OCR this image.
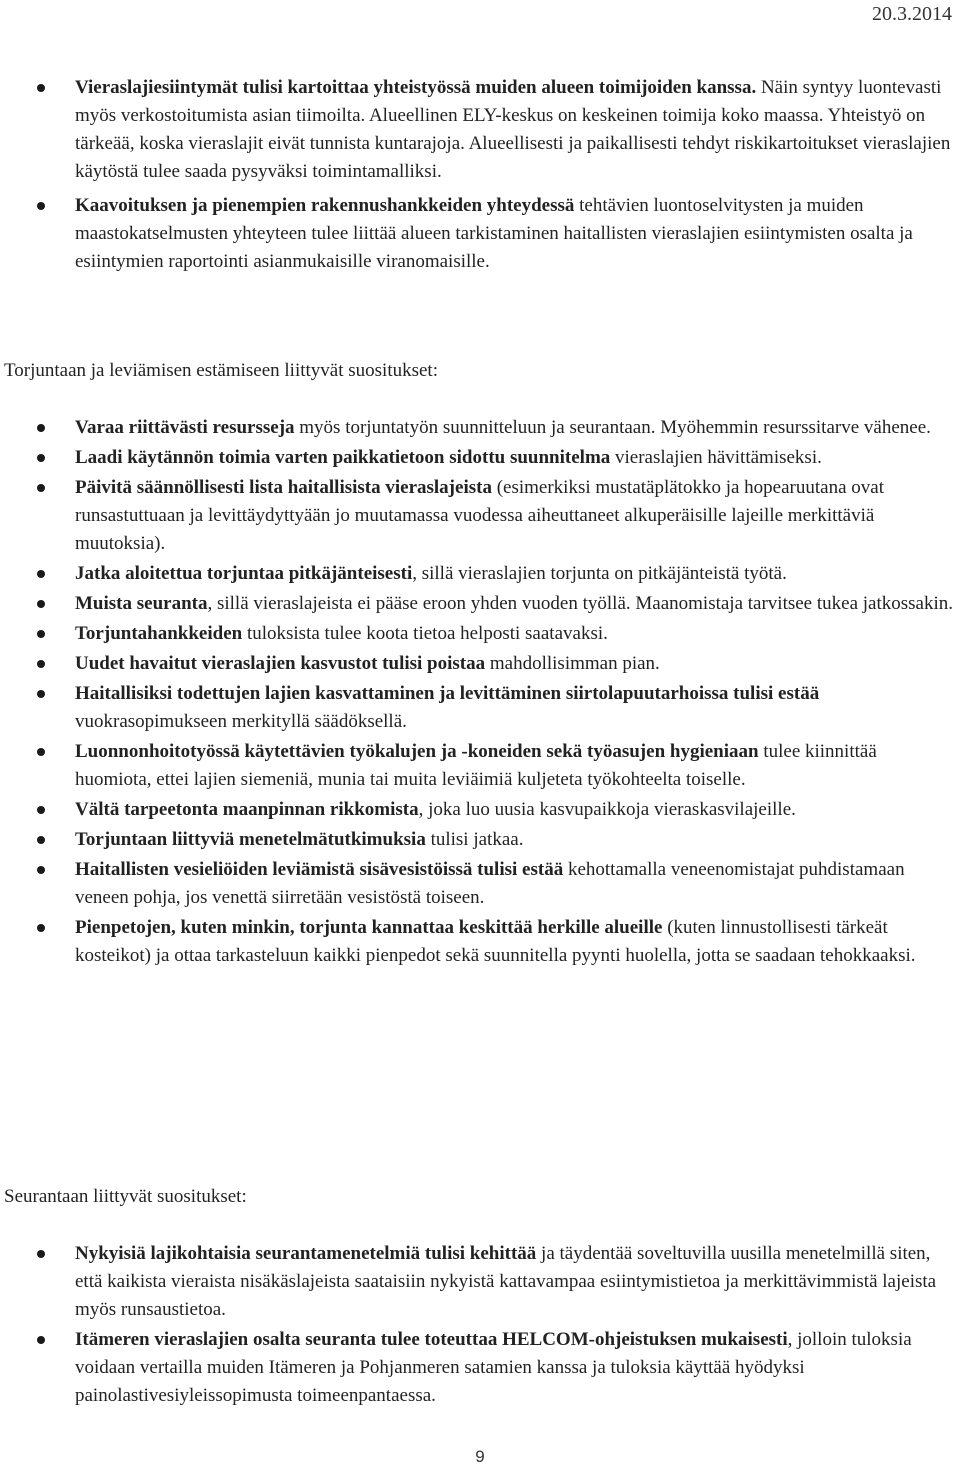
20.3.2014
Vieraslajiesiintymät tulisi kartoittaa yhteistyössä muiden alueen toimijoiden kanssa. Näin syntyy luontevasti myös verkostoitumista asian tiimoilta. Alueellinen ELY-keskus on keskeinen toimija koko maassa. Yhteistyö on tärkeää, koska vieraslajit eivät tunnista kuntarajoja. Alueellisesti ja paikallisesti tehdyt riskikartoitukset vieraslajien käytöstä tulee saada pysyväksi toimintamalliksi.
Kaavoituksen ja pienempien rakennushankkeiden yhteydessä tehtävien luontoselvitysten ja muiden maastokatselmusten yhteyteen tulee liittää alueen tarkistaminen haitallisten vieraslajien esiintymisten osalta ja esiintymien raportointi asianmukaisille viranomaisille.

Torjuntaan ja leviämisen estämiseen liittyvät suositukset:

Varaa riittävästi resursseja myös torjuntatyön suunnitteluun ja seurantaan. Myöhemmin resurssitarve vähenee.
Laadi käytännön toimia varten paikkatietoon sidottu suunnitelma vieraslajien hävittämiseksi.
Päivitä säännöllisesti lista haitallisista vieraslajeista (esimerkiksi mustatäplätokko ja hopearuutana ovat runsastuttuaan ja levittäydyttyään jo muutamassa vuodessa aiheuttaneet alkuperäisille lajeille merkittäviä muutoksia).
Jatka aloitettua torjuntaa pitkäjänteisesti, sillä vieraslajien torjunta on pitkäjänteistä työtä.
Muista seuranta, sillä vieraslajeista ei pääse eroon yhden vuoden työllä. Maanomistaja tarvitsee tukea jatkossakin.
Torjuntahankkeiden tuloksista tulee koota tietoa helposti saatavaksi.
Uudet havaitut vieraslajien kasvustot tulisi poistaa mahdollisimman pian.
Haitallisiksi todettujen lajien kasvattaminen ja levittäminen siirtolapuutarhoissa tulisi estää vuokrasopimukseen merkityllä säädöksellä.
Luonnonhoitotyössä käytettävien työkalujen ja -koneiden sekä työasujen hygieniaan tulee kiinnittää huomiota, ettei lajien siemeniä, munia tai muita leviäimiä kuljeteta työkohteelta toiselle.
Vältä tarpeetonta maanpinnan rikkomista, joka luo uusia kasvupaikkoja vieraskasvilajeille.
Torjuntaan liittyviä menetelmätutkimuksia tulisi jatkaa.
Haitallisten vesieliöiden leviämistä sisävesistöissä tulisi estää kehottamalla veneenomistajat puhdistamaan veneen pohja, jos venettä siirretään vesistöstä toiseen.
Pienpetojen, kuten minkin, torjunta kannattaa keskittää herkille alueille (kuten linnustollisesti tärkeät kosteikot) ja ottaa tarkasteluun kaikki pienpedot sekä suunnitella pyynti huolella, jotta se saadaan tehokkaaksi.

Seurantaan liittyvät suositukset:

Nykyisiä lajikohtaisia seurantamenetelmiä tulisi kehittää ja täydentää soveltuvilla uusilla menetelmillä siten, että kaikista vieraista nisäkäslajeista saataisiin nykyistä kattavampaa esiintymistietoa ja merkittävimmistä lajeista myös runsaustietoa.
Itämeren vieraslajien osalta seuranta tulee toteuttaa HELCOM-ohjeistuksen mukaisesti, jolloin tuloksia voidaan vertailla muiden Itämeren ja Pohjanmeren satamien kanssa ja tuloksia käyttää hyödyksi painolastivesiyleissopimusta toimeenpantaessa.
9
